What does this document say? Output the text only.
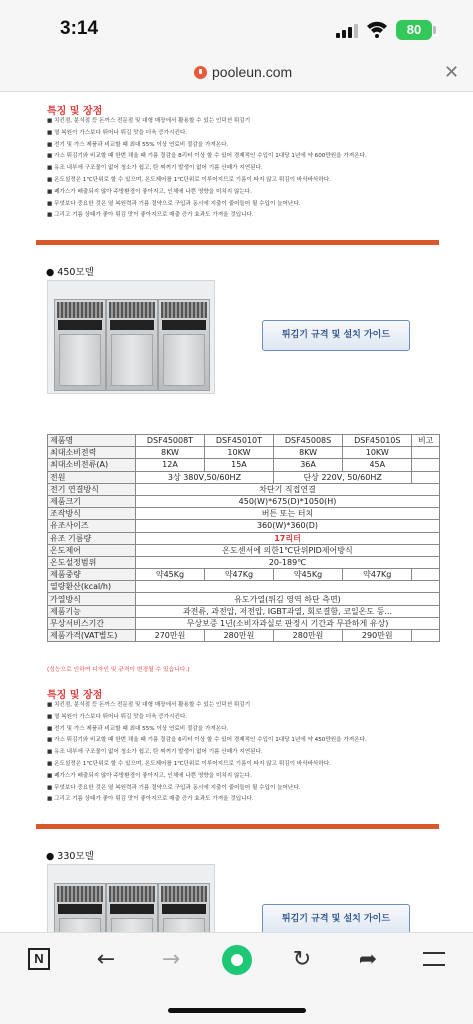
3:14	80
pooleun.com	✕
특징 및 장점
■ 치킨점, 분식점 등 돈까스 전문점 및 대형 매장에서 활용할 수 있는 인덕션 튀김기
■ 열 복원이 가스보다 뛰어나 튀김 맛을 더욱 증가시킨다.
■ 전기 및 가스 제품과 비교할 때 최대 55% 이상 연료비 절감을 가져온다.
■ 가스 튀김기와 비교할 때 한번 채울 때 기름 절감을 8리터 이상 할 수 있어 경제적인 수입이 1대당 1년에 약 600만원을 가져온다.
■ 유조 내부에 구조물이 없어 청소가 쉽고, 탄 찌꺼기 발생이 없어 기름 산패가 지연된다.
■ 온도설정은 1℃단위로 할 수 있으며, 온도제어를 1℃단위로 이루어지므로 기름이 타지 않고 튀김이 바삭바삭하다.
■ 폐가스가 배출되지 않아 주방환경이 좋아지고, 인체에 나쁜 영향을 미치지 않는다.
■ 무엇보다 중요한 것은 열 복원력과 기름 절약으로 구입과 동시에 지출이 줄어들어 될 수입이 늘어난다.
■ 그리고 기름 상태가 좋아 튀김 맛이 좋아지므로 매출 증가 효과도 가져올 것입니다.
● 450모델
튀김기 규격 및 설치 가이드
제품명	DSF45008T	DSF45010T	DSF45008S	DSF45010S	비고
최대소비전력	8KW	10KW	8KW	10KW	
최대소비전류(A)	12A	15A	36A	45A	
전원	3상 380V,50/60HZ		단상 220V, 50/60HZ		
전기 연결방식	차단기 직접연결				
제품크기	450(W)*675(D)*1050(H)				
조작방식	버튼 또는 터치				
유조사이즈	360(W)*360(D)				
유조 기름량	17리터				
온도제어	온도센서에 의한1℃단위PID제어방식				
온도설정범위	20-189℃				
제품중량	약45Kg	약47Kg	약45Kg	약47Kg	
열량환산(kcal/h)					
가열방식	유도가열(튀김 영역 하단 측면)				
제품기능	과전류, 과전압, 저전압, IGBT과열, 회로결함, 코일온도 등...				
무상서비스기간	무상보증 1년(소비자과실로 판정시 기간과 무관하게 유상)				
제품가격(VAT별도)	270만원	280만원	280만원	290만원	
(성능으로 인하여 디자인 및 규격이 변경될 수 있습니다.)
특징 및 장점
■ 치킨점, 분식점 등 돈까스 전문점 및 대형 매장에서 활용할 수 있는 인덕션 튀김기
■ 열 복원이 가스보다 뛰어나 튀김 맛을 더욱 증가시킨다.
■ 전기 및 가스 제품과 비교할 때 최대 55% 이상 연료비 절감을 가져온다.
■ 가스 튀김기와 비교할 때 한번 채울 때 기름 절감을 6리터 이상 할 수 있어 경제적인 수입이 1대당 1년에 약 450만원을 가져온다.
■ 유조 내부에 구조물이 없어 청소가 쉽고, 탄 찌꺼기 발생이 없어 기름 산패가 지연된다.
■ 온도설정은 1℃단위로 할 수 있으며, 온도제어를 1℃단위로 이루어지므로 기름이 타지 않고 튀김이 바삭바삭하다.
■ 폐가스가 배출되지 않아 주방환경이 좋아지고, 인체에 나쁜 영향을 미치지 않는다.
■ 무엇보다 중요한 것은 열 복원력과 기름 절약으로 구입과 동시에 지출이 줄어들어 될 수입이 늘어난다.
■ 그리고 기름 상태가 좋아 튀김 맛이 좋아지므로 매출 증가 효과도 가져올 것입니다.
● 330모델
튀김기 규격 및 설치 가이드
N	←	→	↻	➦
